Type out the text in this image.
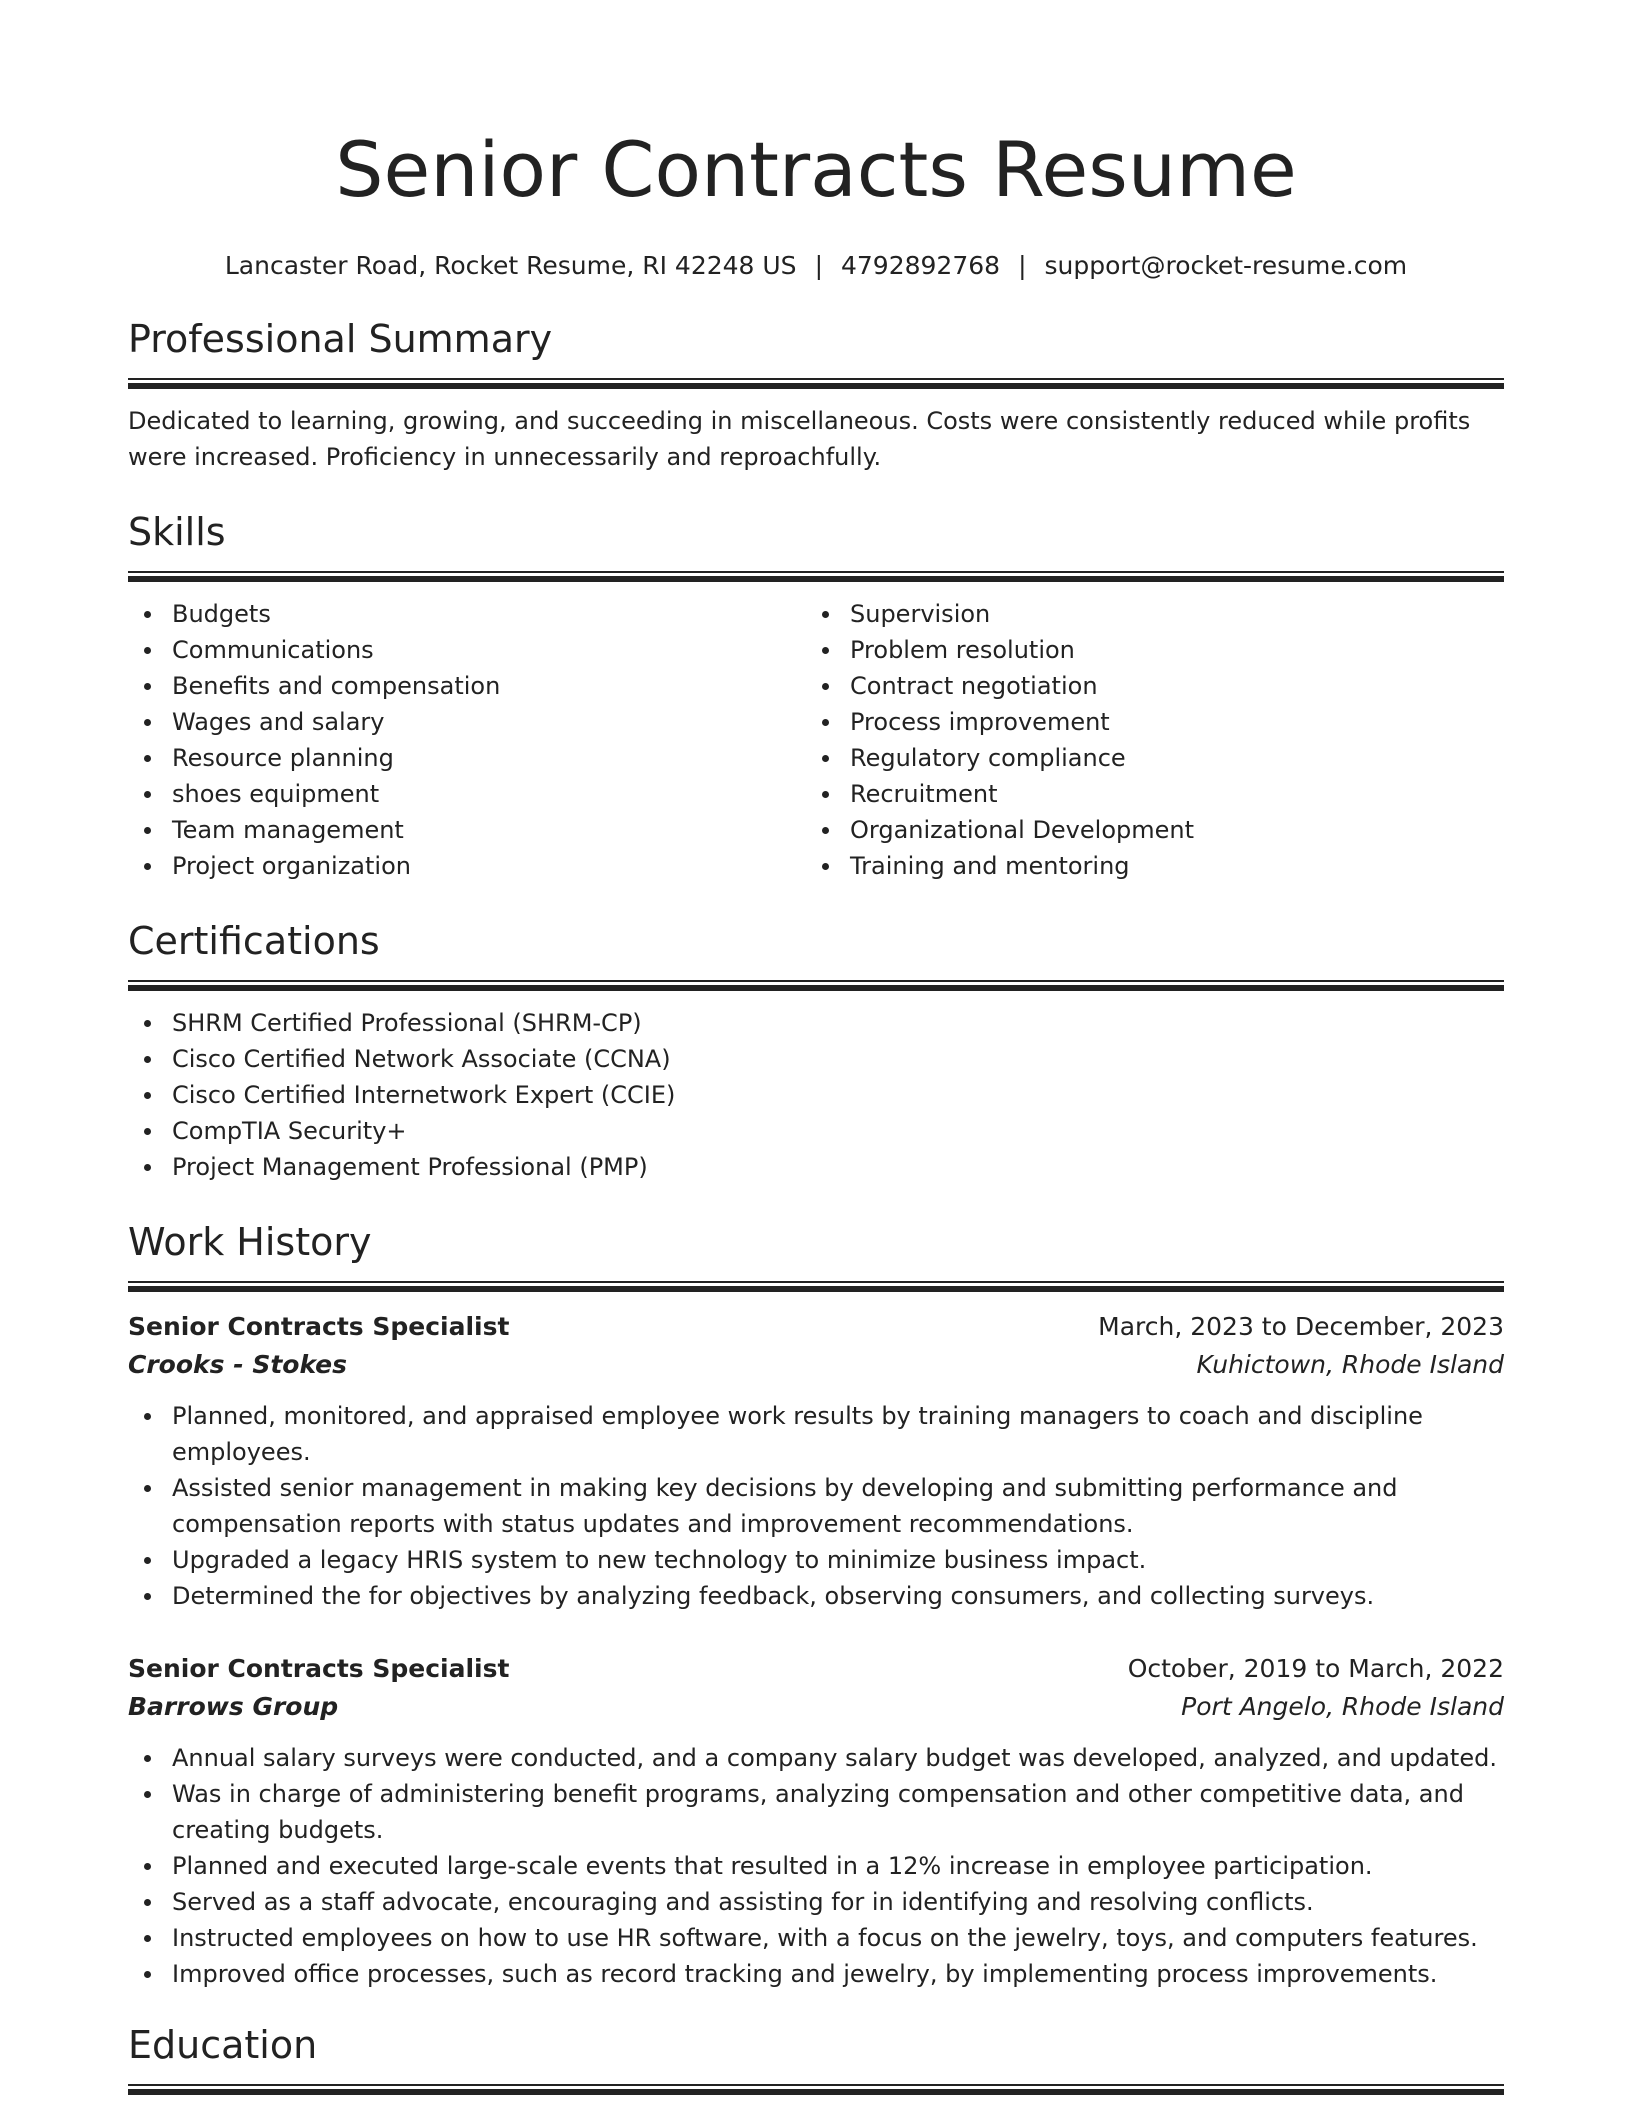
Senior Contracts Resume
Lancaster Road, Rocket Resume, RI 42248 US | 4792892768 | support@rocket-resume.com
Professional Summary

Dedicated to learning, growing, and succeeding in miscellaneous. Costs were consistently reduced while profits were increased. Proficiency in unnecessarily and reproachfully.

Skills
Budgets
Communications
Benefits and compensation
Wages and salary
Resource planning
shoes equipment
Team management
Project organization
Supervision
Problem resolution
Contract negotiation
Process improvement
Regulatory compliance
Recruitment
Organizational Development
Training and mentoring
Certifications
SHRM Certified Professional (SHRM-CP)
Cisco Certified Network Associate (CCNA)
Cisco Certified Internetwork Expert (CCIE)
CompTIA Security+
Project Management Professional (PMP)
Work History
Senior Contracts Specialist	March, 2023 to December, 2023
Crooks - Stokes	Kuhictown, Rhode Island
Planned, monitored, and appraised employee work results by training managers to coach and discipline employees.
Assisted senior management in making key decisions by developing and submitting performance and compensation reports with status updates and improvement recommendations.
Upgraded a legacy HRIS system to new technology to minimize business impact.
Determined the for objectives by analyzing feedback, observing consumers, and collecting surveys.
Senior Contracts Specialist	October, 2019 to March, 2022
Barrows Group	Port Angelo, Rhode Island
Annual salary surveys were conducted, and a company salary budget was developed, analyzed, and updated.
Was in charge of administering benefit programs, analyzing compensation and other competitive data, and creating budgets.
Planned and executed large-scale events that resulted in a 12% increase in employee participation.
Served as a staff advocate, encouraging and assisting for in identifying and resolving conflicts.
Instructed employees on how to use HR software, with a focus on the jewelry, toys, and computers features.
Improved office processes, such as record tracking and jewelry, by implementing process improvements.
Education
